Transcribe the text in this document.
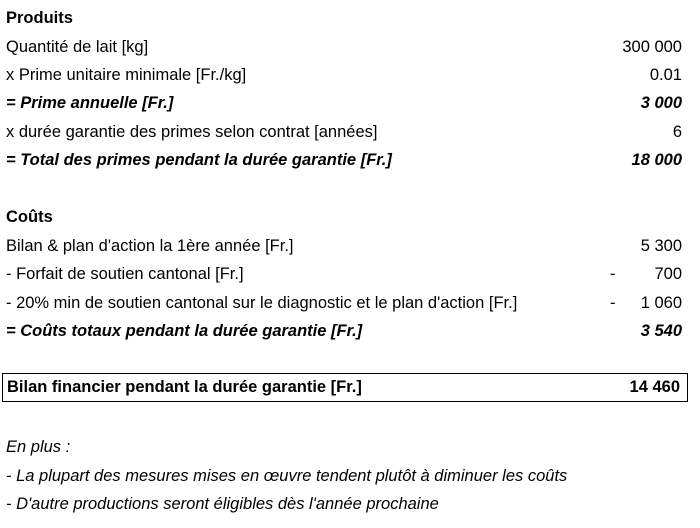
Produits
Quantité de lait [kg]	300 000
x Prime unitaire minimale [Fr./kg]	0.01
= Prime annuelle [Fr.]	3 000
x durée garantie des primes selon contrat [années]	6
= Total des primes pendant la durée garantie [Fr.]	18 000
Coûts
Bilan & plan d'action la 1ère année [Fr.]	5 300
- Forfait de soutien cantonal [Fr.]	- 700
- 20% min de soutien cantonal sur le diagnostic et le plan d'action [Fr.]	- 1 060
= Coûts totaux pendant la durée garantie [Fr.]	3 540
Bilan financier pendant la durée garantie [Fr.]	14 460
En plus :
- La plupart des mesures mises en œuvre tendent plutôt à diminuer les coûts
- D'autre productions seront éligibles dès l'année prochaine
